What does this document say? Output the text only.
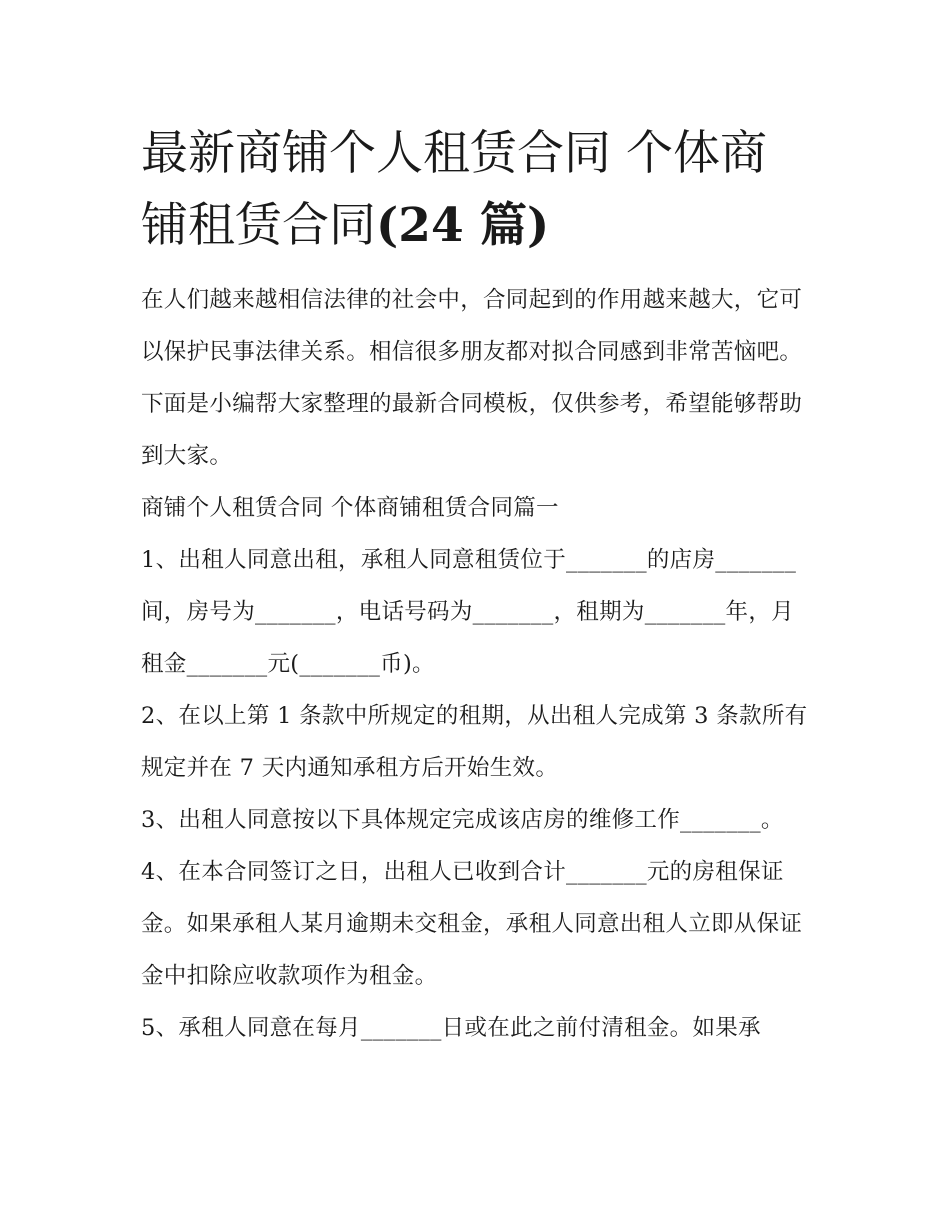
最新商铺个人租赁合同 个体商
铺租赁合同(24 篇)

在人们越来越相信法律的社会中，合同起到的作用越来越大，它可以保护民事法律关系。相信很多朋友都对拟合同感到非常苦恼吧。下面是小编帮大家整理的最新合同模板，仅供参考，希望能够帮助到大家。

商铺个人租赁合同 个体商铺租赁合同篇一

1、出租人同意出租，承租人同意租赁位于_______的店房_______间，房号为_______，电话号码为_______，租期为_______年，月租金_______元(_______币)。

2、在以上第 1 条款中所规定的租期，从出租人完成第 3 条款所有规定并在 7 天内通知承租方后开始生效。

3、出租人同意按以下具体规定完成该店房的维修工作_______。

4、在本合同签订之日，出租人已收到合计_______元的房租保证金。如果承租人某月逾期未交租金，承租人同意出租人立即从保证金中扣除应收款项作为租金。

5、承租人同意在每月_______日或在此之前付清租金。如果承
